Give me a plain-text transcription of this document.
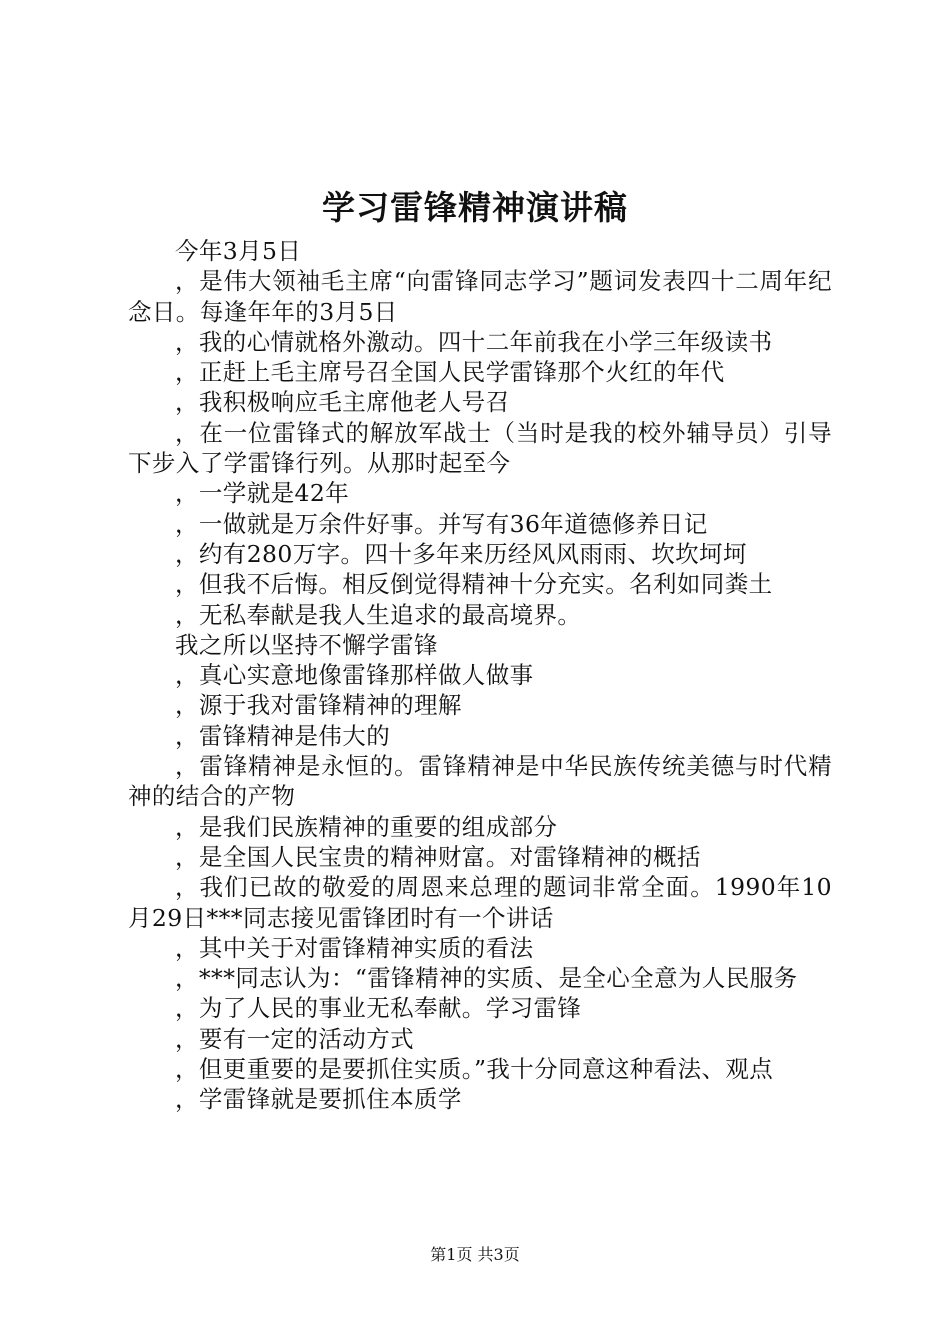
学习雷锋精神演讲稿

今年3月5日

，是伟大领袖毛主席“向雷锋同志学习”题词发表四十二周年纪念日。每逢年年的3月5日

，我的心情就格外激动。四十二年前我在小学三年级读书

，正赶上毛主席号召全国人民学雷锋那个火红的年代

，我积极响应毛主席他老人号召

，在一位雷锋式的解放军战士（当时是我的校外辅导员）引导下步入了学雷锋行列。从那时起至今

，一学就是42年

，一做就是万余件好事。并写有36年道德修养日记

，约有280万字。四十多年来历经风风雨雨、坎坎坷坷

，但我不后悔。相反倒觉得精神十分充实。名利如同粪土

，无私奉献是我人生追求的最高境界。

我之所以坚持不懈学雷锋

，真心实意地像雷锋那样做人做事

，源于我对雷锋精神的理解

，雷锋精神是伟大的

，雷锋精神是永恒的。雷锋精神是中华民族传统美德与时代精神的结合的产物

，是我们民族精神的重要的组成部分

，是全国人民宝贵的精神财富。对雷锋精神的概括

，我们已故的敬爱的周恩来总理的题词非常全面。1990年10月29日***同志接见雷锋团时有一个讲话

，其中关于对雷锋精神实质的看法

，***同志认为：“雷锋精神的实质、是全心全意为人民服务

，为了人民的事业无私奉献。学习雷锋

，要有一定的活动方式

，但更重要的是要抓住实质。”我十分同意这种看法、观点

，学雷锋就是要抓住本质学

第1页 共3页
